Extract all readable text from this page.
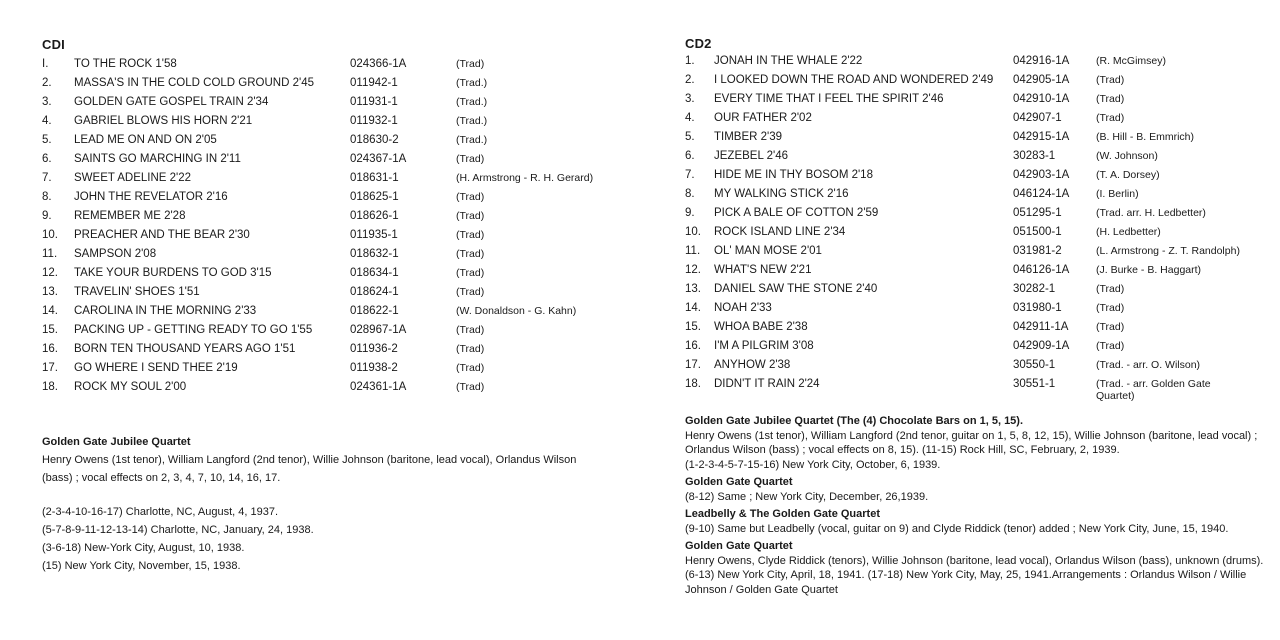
CDI
I. TO THE ROCK 1'58	024366-1A	(Trad)
2. MASSA'S IN THE COLD COLD GROUND 2'45	011942-1	(Trad.)
3. GOLDEN GATE GOSPEL TRAIN 2'34	011931-1	(Trad.)
4. GABRIEL BLOWS HIS HORN 2'21	011932-1	(Trad.)
5. LEAD ME ON AND ON 2'05	018630-2	(Trad.)
6. SAINTS GO MARCHING IN 2'11	024367-1A	(Trad)
7. SWEET ADELINE 2'22	018631-1	(H. Armstrong - R. H. Gerard)
8. JOHN THE REVELATOR 2'16	018625-1	(Trad)
9. REMEMBER ME 2'28	018626-1	(Trad)
10. PREACHER AND THE BEAR 2'30	011935-1	(Trad)
11. SAMPSON 2'08	018632-1	(Trad)
12. TAKE YOUR BURDENS TO GOD 3'15	018634-1	(Trad)
13. TRAVELIN' SHOES 1'51	018624-1	(Trad)
14. CAROLINA IN THE MORNING 2'33	018622-1	(W. Donaldson - G. Kahn)
15. PACKING UP - GETTING READY TO GO 1'55	028967-1A	(Trad)
16. BORN TEN THOUSAND YEARS AGO 1'51	011936-2	(Trad)
17. GO WHERE I SEND THEE 2'19	011938-2	(Trad)
18. ROCK MY SOUL 2'00	024361-1A	(Trad)

Golden Gate Jubilee Quartet

Henry Owens (1st tenor), William Langford (2nd tenor), Willie Johnson (baritone, lead vocal), Orlandus Wilson (bass) ; vocal effects on 2, 3, 4, 7, 10, 14, 16, 17.

(2-3-4-10-16-17) Charlotte, NC, August, 4, 1937.

(5-7-8-9-11-12-13-14) Charlotte, NC, January, 24, 1938.

(3-6-18) New-York City, August, 10, 1938.

(15) New York City, November, 15, 1938.

CD2
1. JONAH IN THE WHALE 2'22	042916-1A	(R. McGimsey)
2. I LOOKED DOWN THE ROAD AND WONDERED 2'49 042905-1A	(Trad)
3. EVERY TIME THAT I FEEL THE SPIRIT 2'46	042910-1A	(Trad)
4. OUR FATHER 2'02	042907-1	(Trad)
5. TIMBER 2'39	042915-1A	(B. Hill - B. Emmrich)
6. JEZEBEL 2'46	30283-1	(W. Johnson)
7. HIDE ME IN THY BOSOM 2'18	042903-1A	(T. A. Dorsey)
8. MY WALKING STICK 2'16	046124-1A	(I. Berlin)
9. PICK A BALE OF COTTON 2'59	051295-1	(Trad. arr. H. Ledbetter)
10. ROCK ISLAND LINE 2'34	051500-1	(H. Ledbetter)
11. OL' MAN MOSE 2'01	031981-2	(L. Armstrong - Z. T. Randolph)
12. WHAT'S NEW 2'21	046126-1A	(J. Burke - B. Haggart)
13. DANIEL SAW THE STONE 2'40	30282-1	(Trad)
14. NOAH 2'33	031980-1	(Trad)
15. WHOA BABE 2'38	042911-1A	(Trad)
16. I'M A PILGRIM 3'08	042909-1A	(Trad)
17. ANYHOW 2'38	30550-1	(Trad. - arr. O. Wilson)
18. DIDN'T IT RAIN 2'24	30551-1	(Trad. - arr. Golden Gate Quartet)

Golden Gate Jubilee Quartet (The (4) Chocolate Bars on 1, 5, 15).

Henry Owens (1st tenor), William Langford (2nd tenor, guitar on 1, 5, 8, 12, 15), Willie Johnson (baritone, lead vocal) ; Orlandus Wilson (bass) ; vocal effects on 8, 15). (11-15) Rock Hill, SC, February, 2, 1939.

(1-2-3-4-5-7-15-16) New York City, October, 6, 1939.

Golden Gate Quartet

(8-12) Same ; New York City, December, 26,1939.

Leadbelly & The Golden Gate Quartet

(9-10) Same but Leadbelly (vocal, guitar on 9) and Clyde Riddick (tenor) added ; New York City, June, 15, 1940.

Golden Gate Quartet

Henry Owens, Clyde Riddick (tenors), Willie Johnson (baritone, lead vocal), Orlandus Wilson (bass), unknown (drums).

(6-13) New York City, April, 18, 1941. (17-18) New York City, May, 25, 1941.Arrangements : Orlandus Wilson / Willie Johnson / Golden Gate Quartet
